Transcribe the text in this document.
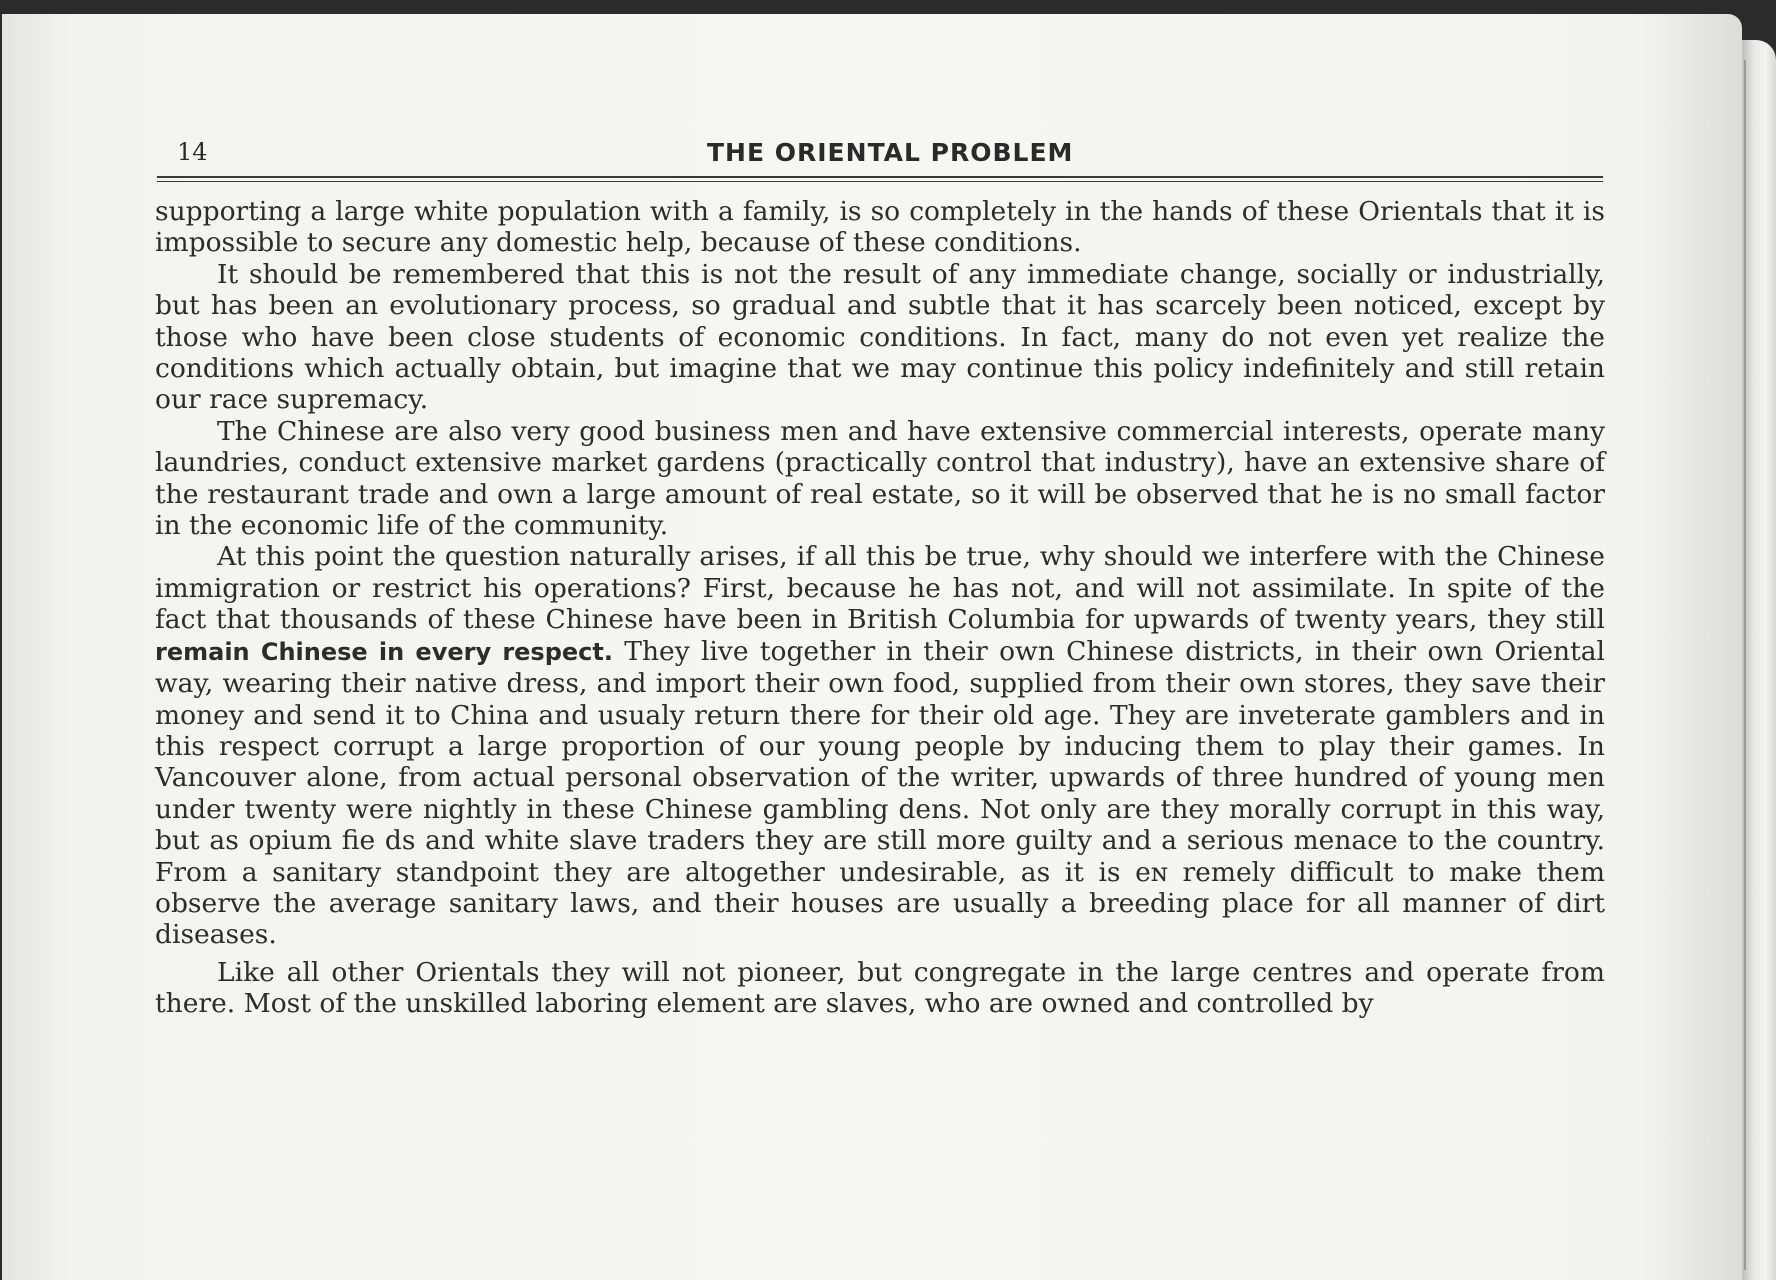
14	THE ORIENTAL PROBLEM

supporting a large white population with a family, is so completely in the hands of these Orientals that it is impossible to secure any domestic help, because of these conditions.

It should be remembered that this is not the result of any immediate change, socially or industrially, but has been an evolutionary process, so gradual and subtle that it has scarcely been noticed, except by those who have been close students of economic conditions. In fact, many do not even yet realize the conditions which actually obtain, but imagine that we may continue this policy indefinitely and still retain our race supremacy.

The Chinese are also very good business men and have extensive commercial interests, operate many laundries, conduct extensive market gardens (practically control that industry), have an extensive share of the restaurant trade and own a large amount of real estate, so it will be observed that he is no small factor in the economic life of the community.

At this point the question naturally arises, if all this be true, why should we interfere with the Chinese immigration or restrict his operations? First, because he has not, and will not assimilate. In spite of the fact that thousands of these Chinese have been in British Columbia for upwards of twenty years, they still remain Chinese in every respect. They live together in their own Chinese districts, in their own Oriental way, wearing their native dress, and import their own food, supplied from their own stores, they save their money and send it to China and usualy return there for their old age. They are inveterate gamblers and in this respect corrupt a large proportion of our young people by inducing them to play their games. In Vancouver alone, from actual personal observation of the writer, upwards of three hundred of young men under twenty were nightly in these Chinese gambling dens. Not only are they morally corrupt in this way, but as opium fie ds and white slave traders they are still more guilty and a serious menace to the country. From a sanitary standpoint they are altogether undesirable, as it is eɴ remely difficult to make them observe the average sanitary laws, and their houses are usually a breeding place for all manner of dirt diseases.

Like all other Orientals they will not pioneer, but congregate in the large centres and operate from there. Most of the unskilled laboring element are slaves, who are owned and controlled by
